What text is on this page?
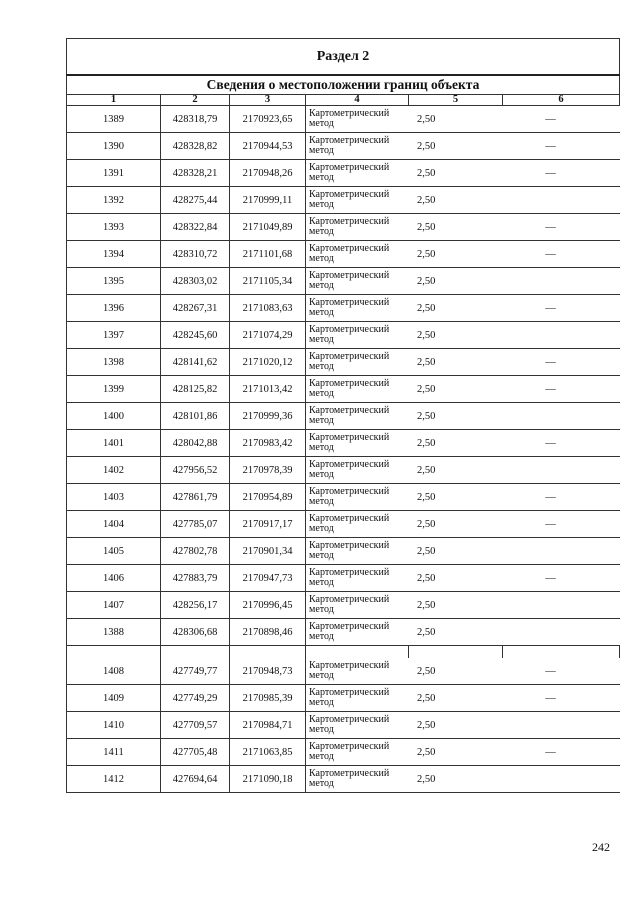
Раздел 2					
Сведения о местоположении границ объекта					
1	2	3	4	5	6
1389	428318,79	2170923,65	Картометрический метод	2,50	—
1390	428328,82	2170944,53	Картометрический метод	2,50	—
1391	428328,21	2170948,26	Картометрический метод	2,50	—
1392	428275,44	2170999,11	Картометрический метод	2,50	
1393	428322,84	2171049,89	Картометрический метод	2,50	—
1394	428310,72	2171101,68	Картометрический метод	2,50	—
1395	428303,02	2171105,34	Картометрический метод	2,50	
1396	428267,31	2171083,63	Картометрический метод	2,50	—
1397	428245,60	2171074,29	Картометрический метод	2,50	
1398	428141,62	2171020,12	Картометрический метод	2,50	—
1399	428125,82	2171013,42	Картометрический метод	2,50	—
1400	428101,86	2170999,36	Картометрический метод	2,50	
1401	428042,88	2170983,42	Картометрический метод	2,50	—
1402	427956,52	2170978,39	Картометрический метод	2,50	
1403	427861,79	2170954,89	Картометрический метод	2,50	—
1404	427785,07	2170917,17	Картометрический метод	2,50	—
1405	427802,78	2170901,34	Картометрический метод	2,50	
1406	427883,79	2170947,73	Картометрический метод	2,50	—
1407	428256,17	2170996,45	Картометрический метод	2,50	
1388	428306,68	2170898,46	Картометрический метод	2,50	

1408	427749,77	2170948,73	Картометрический метод	2,50	—
1409	427749,29	2170985,39	Картометрический метод	2,50	—
1410	427709,57	2170984,71	Картометрический метод	2,50	
1411	427705,48	2171063,85	Картометрический метод	2,50	—
1412	427694,64	2171090,18	Картометрический метод	2,50	
242
